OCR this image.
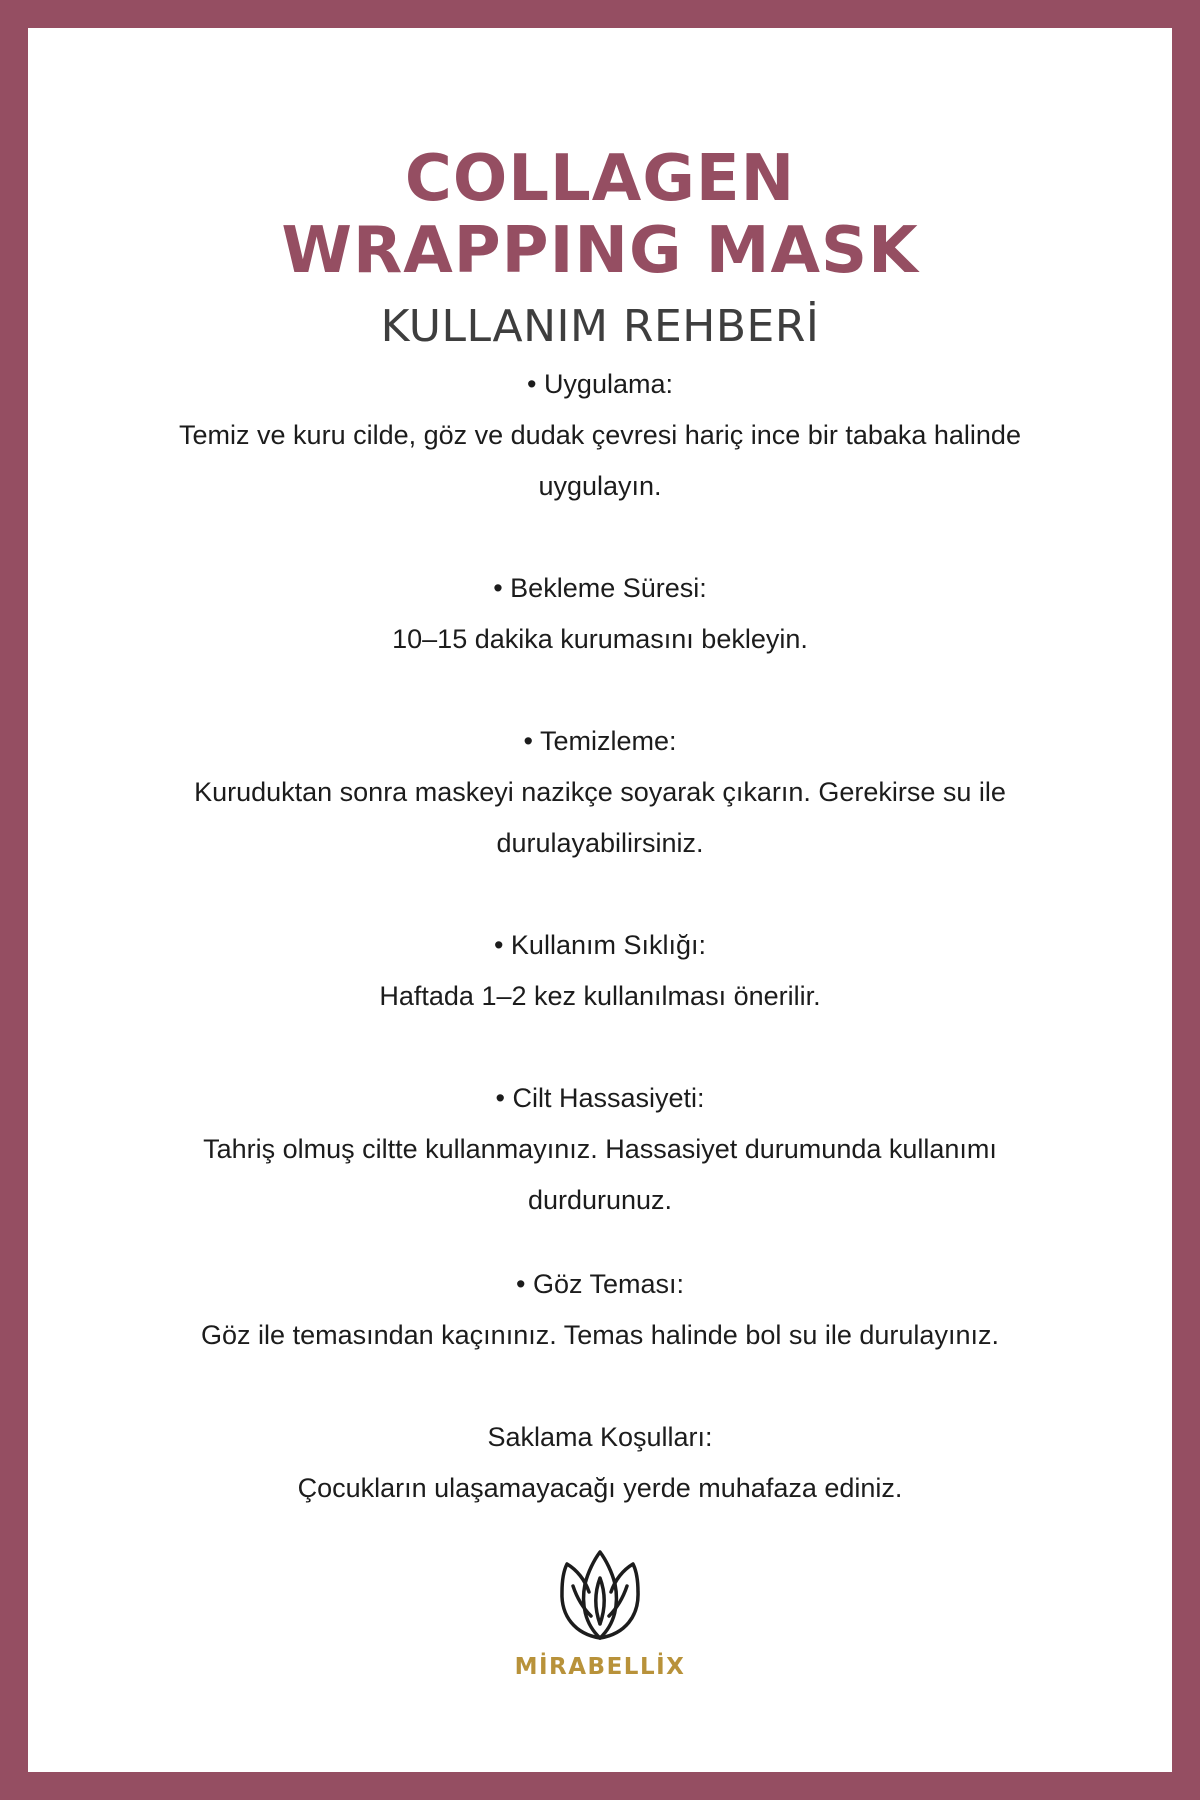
COLLAGEN
WRAPPING MASK
KULLANIM REHBERİ
• Uygulama:
Temiz ve kuru cilde, göz ve dudak çevresi hariç ince bir tabaka halinde uygulayın.
• Bekleme Süresi:
10–15 dakika kurumasını bekleyin.
• Temizleme:
Kuruduktan sonra maskeyi nazikçe soyarak çıkarın. Gerekirse su ile durulayabilirsiniz.
• Kullanım Sıklığı:
Haftada 1–2 kez kullanılması önerilir.
• Cilt Hassasiyeti:
Tahriş olmuş ciltte kullanmayınız. Hassasiyet durumunda kullanımı durdurunuz.
• Göz Teması:
Göz ile temasından kaçınınız. Temas halinde bol su ile durulayınız.
Saklama Koşulları:
Çocukların ulaşamayacağı yerde muhafaza ediniz.
MİRABELLİX
